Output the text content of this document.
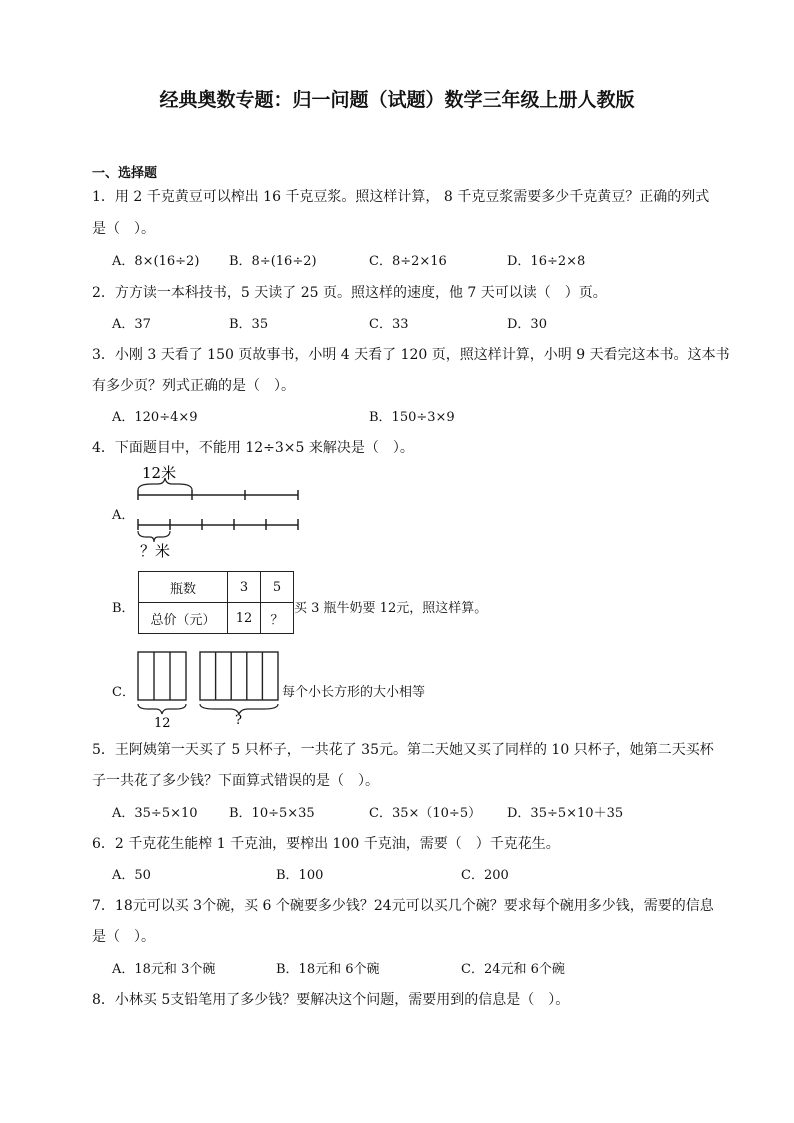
经典奥数专题：归一问题（试题）数学三年级上册人教版
一、选择题
1．用 2 千克黄豆可以榨出 16 千克豆浆。照这样计算， 8 千克豆浆需要多少千克黄豆？正确的列式
是（　）。
A．8×(16÷2) B．8÷(16÷2)	C．8÷2×16	D．16÷2×8
2．方方读一本科技书，5 天读了 25 页。照这样的速度，他 7 天可以读（　）页。
A．37	B．35	C．33	D．30
3．小刚 3 天看了 150 页故事书，小明 4 天看了 120 页，照这样计算，小明 9 天看完这本书。这本书
有多少页？列式正确的是（　）。
A．120÷4×9	B．150÷3×9
4．下面题目中，不能用 12÷3×5 来解决是（　）。
A．
12米
？米
B．
瓶数	3	5
总价（元）	12	？
买 3 瓶牛奶要 12元，照这样算。
C．
12	?
每个小长方形的大小相等
5．王阿姨第一天买了 5 只杯子，一共花了 35元。第二天她又买了同样的 10 只杯子，她第二天买杯
子一共花了多少钱？下面算式错误的是（　）。
A．35÷5×10 B．10÷5×35	C．35×（10÷5） D．35÷5×10＋35
6．2 千克花生能榨 1 千克油，要榨出 100 千克油，需要（　）千克花生。
A．50	B．100	C．200
7．18元可以买 3个碗，买 6 个碗要多少钱？24元可以买几个碗？要求每个碗用多少钱，需要的信息
是（　）。
A．18元和 3个碗	B．18元和 6个碗	C．24元和 6个碗
8．小林买 5支铅笔用了多少钱？要解决这个问题，需要用到的信息是（　）。
